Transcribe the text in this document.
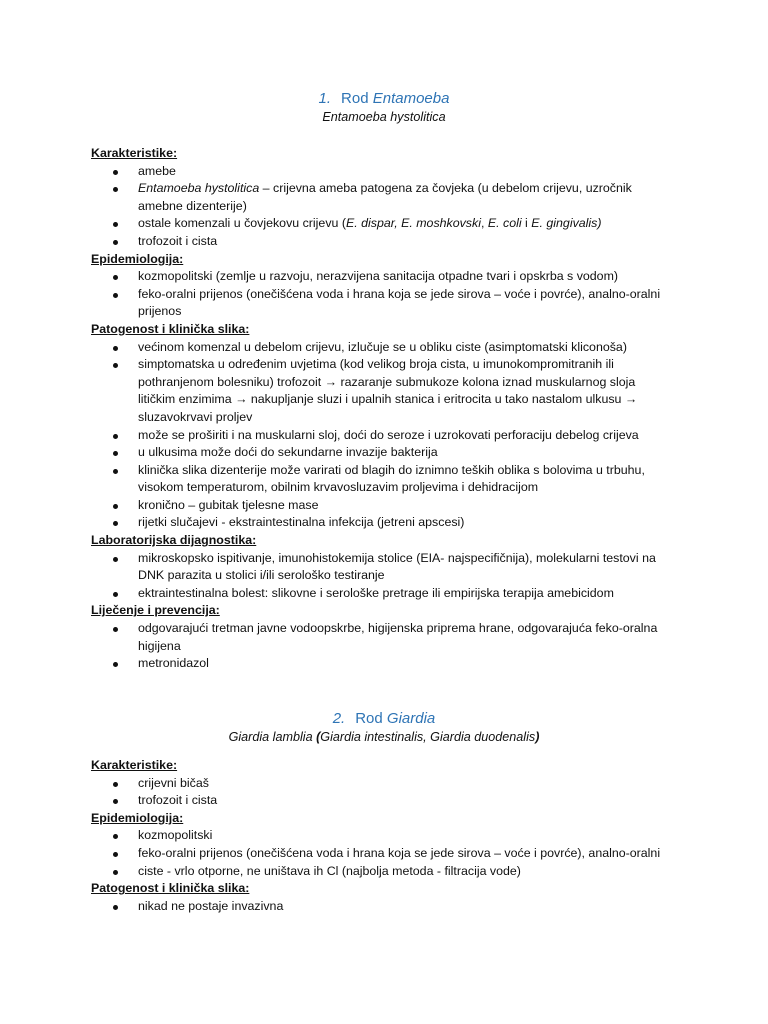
1. Rod Entamoeba
Entamoeba hystolitica
Karakteristike:
amebe
Entamoeba hystolitica – crijevna ameba patogena za čovjeka (u debelom crijevu, uzročnik amebne dizenterije)
ostale komenzali u čovjekovu crijevu (E. dispar, E. moshkovski, E. coli i E. gingivalis)
trofozoit i cista
Epidemiologija:
kozmopolitski (zemlje u razvoju, nerazvijena sanitacija otpadne tvari i opskrba s vodom)
feko-oralni prijenos (onečišćena voda i hrana koja se jede sirova – voće i povrće), analno-oralni prijenos
Patogenost i klinička slika:
većinom komenzal u debelom crijevu, izlučuje se u obliku ciste (asimptomatski kliconoša)
simptomatska u određenim uvjetima (kod velikog broja cista, u imunokompromitranih ili pothranjenom bolesniku) trofozoit → razaranje submukoze kolona iznad muskularnog sloja litičkim enzimima → nakupljanje sluzi i upalnih stanica i eritrocita u tako nastalom ulkusu → sluzavokrvavi proljev
može se proširiti i na muskularni sloj, doći do seroze i uzrokovati perforaciju debelog crijeva
u ulkusima može doći do sekundarne invazije bakterija
klinička slika dizenterije može varirati od blagih do iznimno teških oblika s bolovima u trbuhu, visokom temperaturom, obilnim krvavosluzavim proljevima i dehidracijom
kronično – gubitak tjelesne mase
rijetki slučajevi - ekstraintestinalna infekcija (jetreni apscesi)
Laboratorijska dijagnostika:
mikroskopsko ispitivanje, imunohistokemija stolice (EIA- najspecifičnija), molekularni testovi na DNK parazita u stolici i/ili serološko testiranje
ektraintestinalna bolest: slikovne i serološke pretrage ili empirijska terapija amebicidom
Liječenje i prevencija:
odgovarajući tretman javne vodoopskrbe, higijenska priprema hrane, odgovarajuća feko-oralna higijena
metronidazol
2. Rod Giardia
Giardia lamblia (Giardia intestinalis, Giardia duodenalis)
Karakteristike:
crijevni bičaš
trofozoit i cista
Epidemiologija:
kozmopolitski
feko-oralni prijenos (onečišćena voda i hrana koja se jede sirova – voće i povrće), analno-oralni
ciste - vrlo otporne, ne uništava ih Cl (najbolja metoda - filtracija vode)
Patogenost i klinička slika:
nikad ne postaje invazivna
